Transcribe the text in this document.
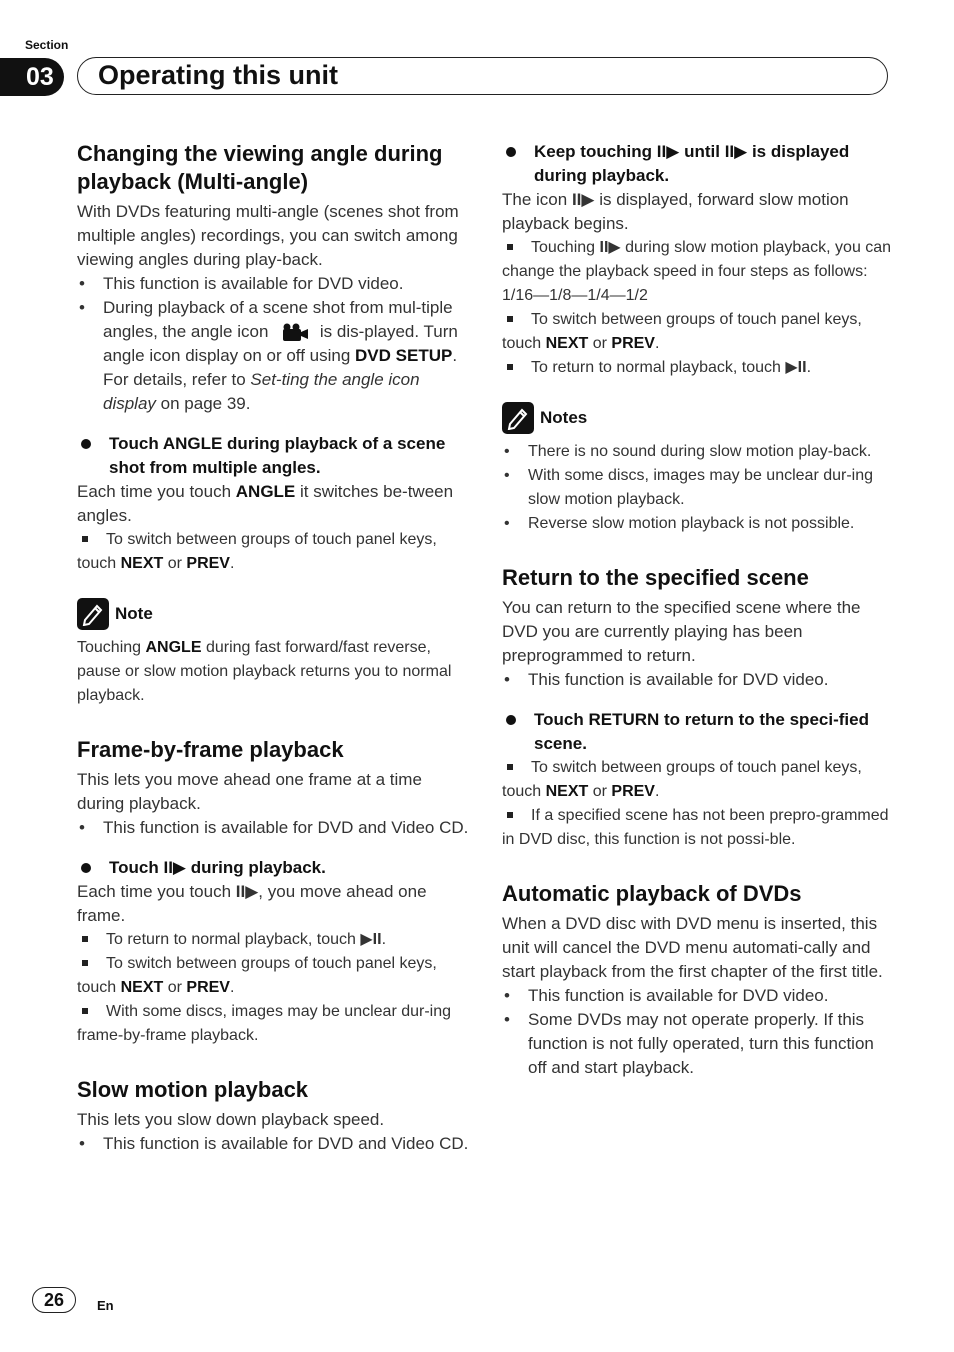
Section
03	Operating this unit
Changing the viewing angle during playback (Multi-angle)

With DVDs featuring multi-angle (scenes shot from multiple angles) recordings, you can switch among viewing angles during play-back.

• This function is available for DVD video.
• During playback of a scene shot from mul-tiple angles, the angle icon	is dis-played. Turn angle icon display on or off using DVD SETUP. For details, refer to Set-ting the angle icon display on page 39.
Touch ANGLE during playback of a scene shot from multiple angles.

Each time you touch ANGLE it switches be-tween angles.

To switch between groups of touch panel keys, touch NEXT or PREV.
Note
Touching ANGLE during fast forward/fast reverse, pause or slow motion playback returns you to normal playback.
Frame-by-frame playback

This lets you move ahead one frame at a time during playback.

• This function is available for DVD and Video CD.
Touch II▶ during playback.

Each time you touch II▶, you move ahead one frame.

To return to normal playback, touch ▶II.
To switch between groups of touch panel keys, touch NEXT or PREV.
With some discs, images may be unclear dur-ing frame-by-frame playback.
Slow motion playback

This lets you slow down playback speed.

• This function is available for DVD and Video CD.
Keep touching II▶ until II▶ is displayed during playback.

The icon II▶ is displayed, forward slow motion playback begins.

Touching II▶ during slow motion playback, you can change the playback speed in four steps as follows:
1/16—1/8—1/4—1/2
To switch between groups of touch panel keys, touch NEXT or PREV.
To return to normal playback, touch ▶II.
Notes
• There is no sound during slow motion play-back.
• With some discs, images may be unclear dur-ing slow motion playback.
• Reverse slow motion playback is not possible.
Return to the specified scene

You can return to the specified scene where the DVD you are currently playing has been preprogrammed to return.

• This function is available for DVD video.
Touch RETURN to return to the speci-fied scene.
To switch between groups of touch panel keys, touch NEXT or PREV.
If a specified scene has not been prepro-grammed in DVD disc, this function is not possi-ble.
Automatic playback of DVDs

When a DVD disc with DVD menu is inserted, this unit will cancel the DVD menu automati-cally and start playback from the first chapter of the first title.

• This function is available for DVD video.
• Some DVDs may not operate properly. If this function is not fully operated, turn this function off and start playback.
26	En
